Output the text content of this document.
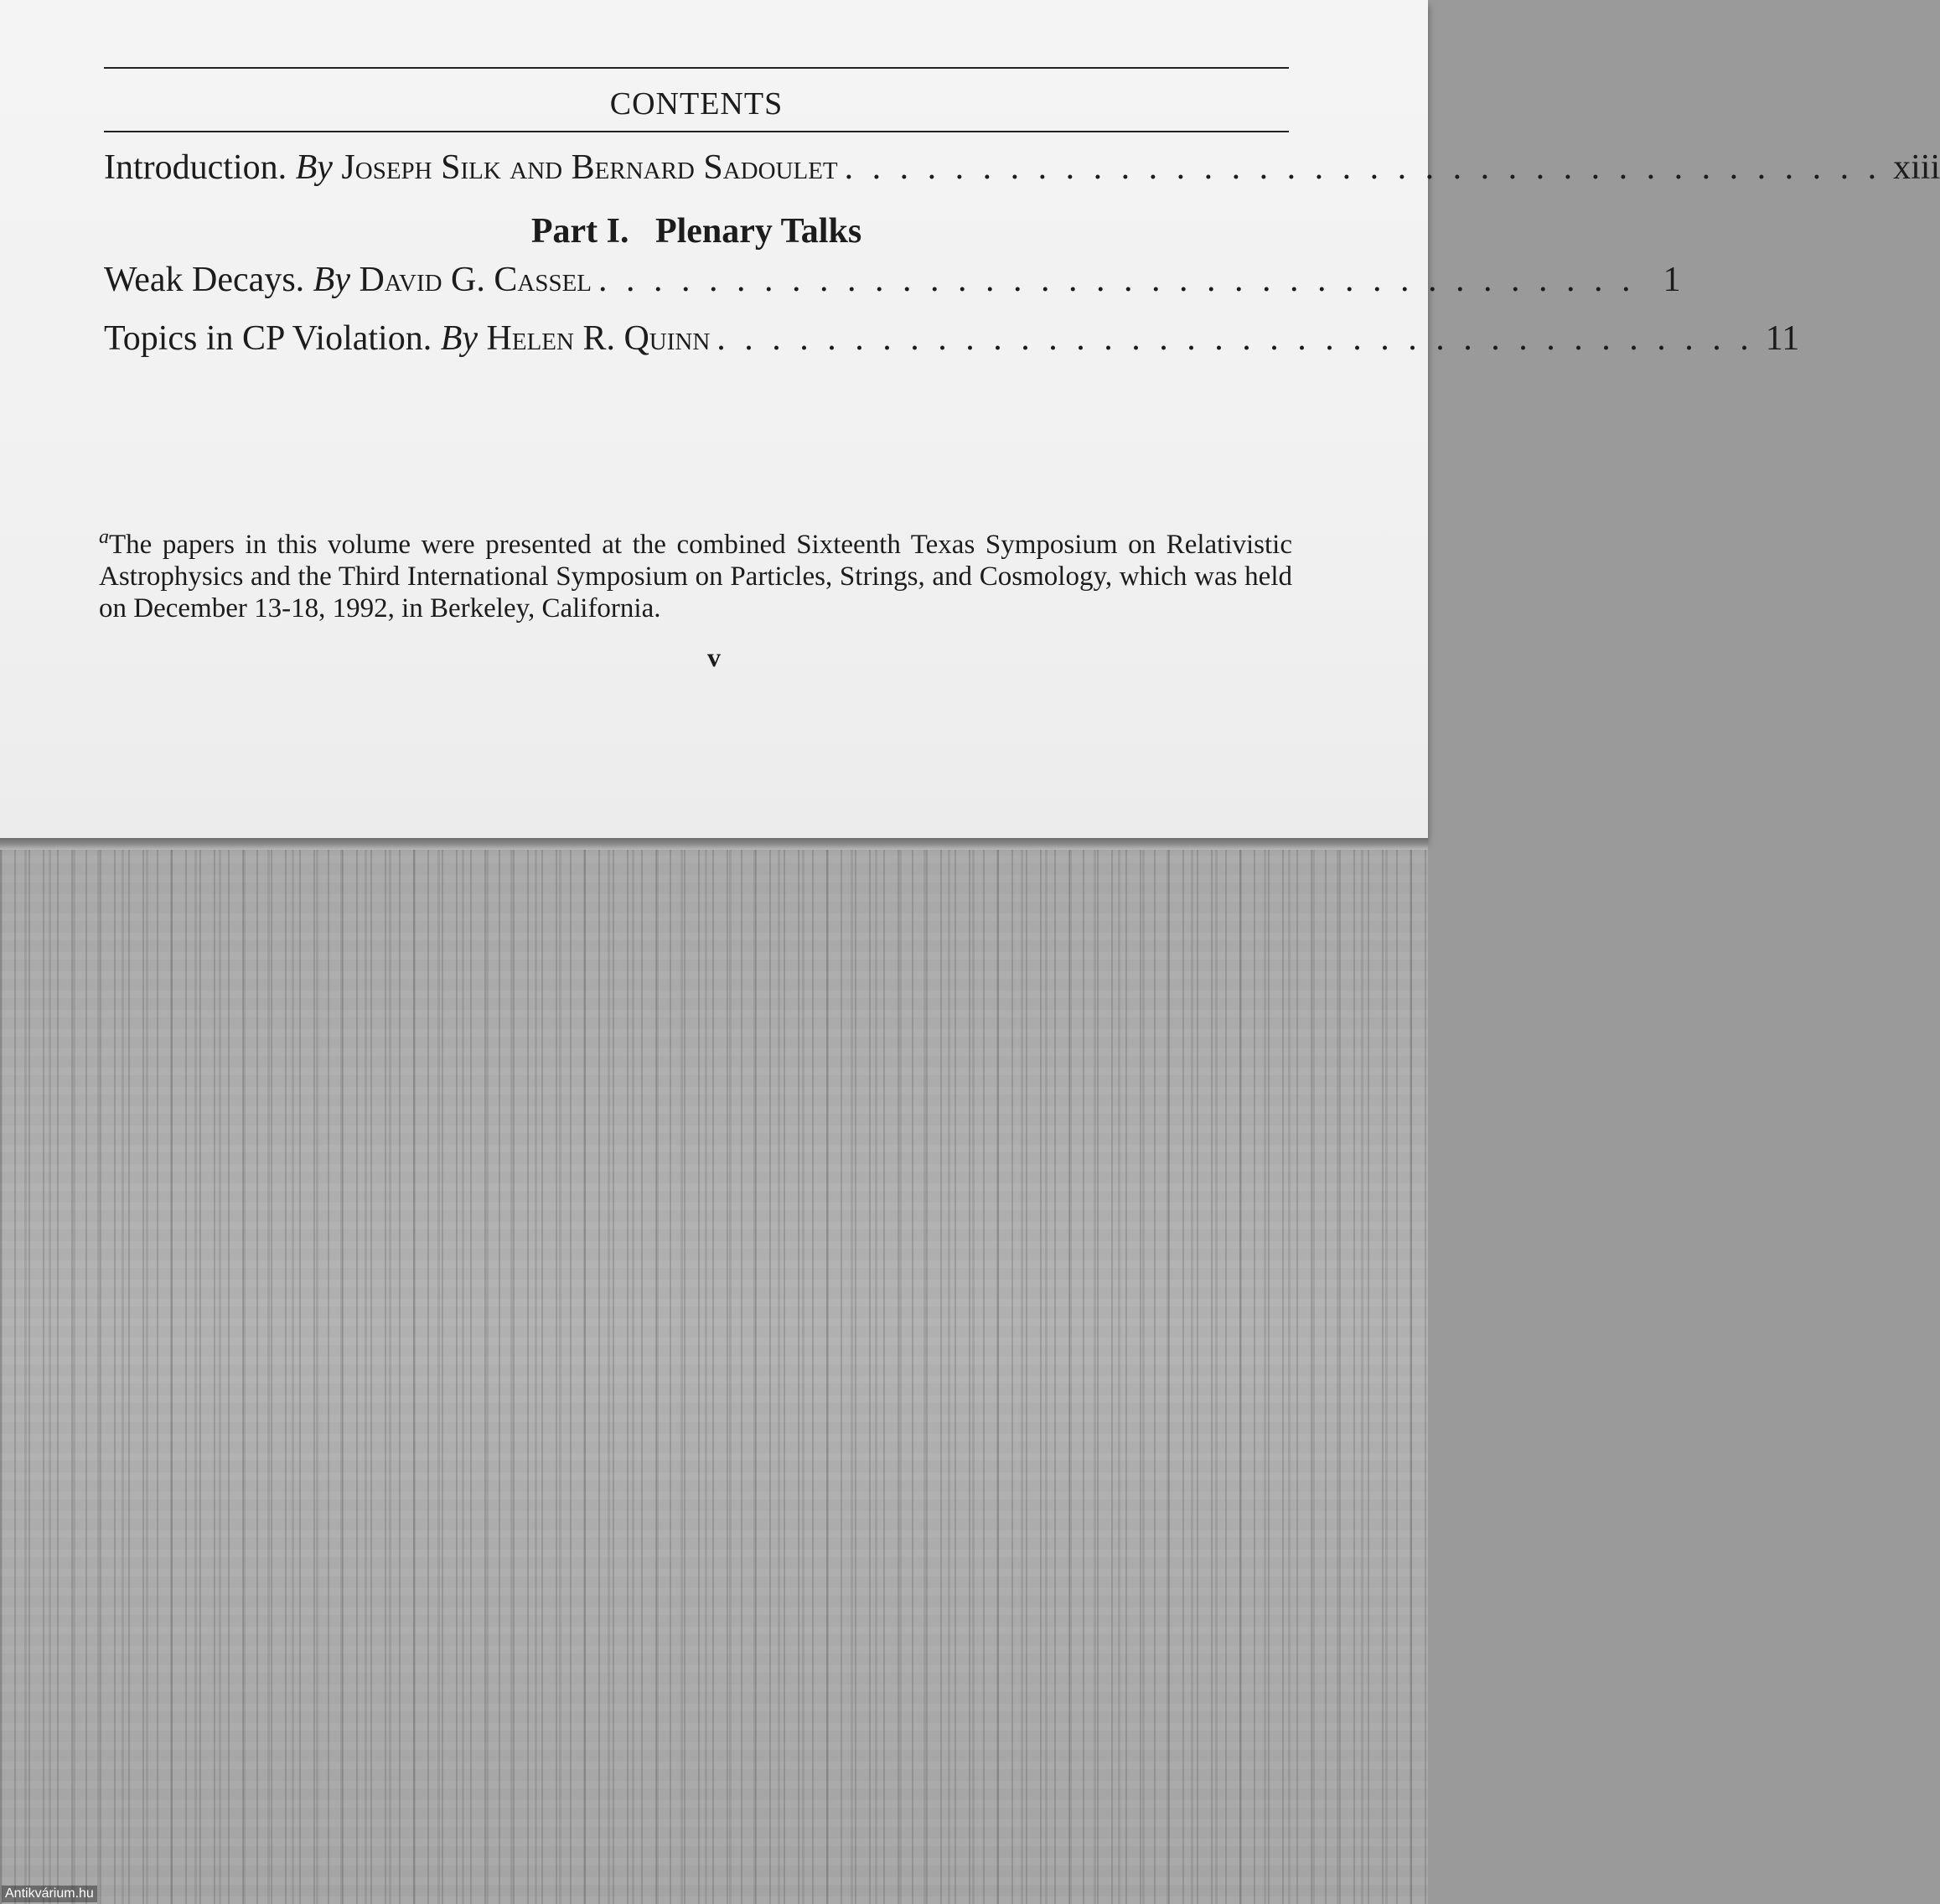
CONTENTS
Introduction. By Joseph Silk and Bernard Sadoulet . . . . . . . . . . . . . . . . . . . . . . . . . . . . . . . . . . . . . . xiii
Part I.   Plenary Talks
Weak Decays. By David G. Cassel . . . . . . . . . . . . . . . . . . . . . . . . . . . . . . . . . . . . . . 1
Topics in CP Violation. By Helen R. Quinn . . . . . . . . . . . . . . . . . . . . . . . . . . . . . . . . . . . . . . 11
$^a$The papers in this volume were presented at the combined Sixteenth Texas Symposium on Relativistic Astrophysics and the Third International Symposium on Particles, Strings, and Cosmology, which was held on December 13-18, 1992, in Berkeley, California.
v
Antikvárium.hu
